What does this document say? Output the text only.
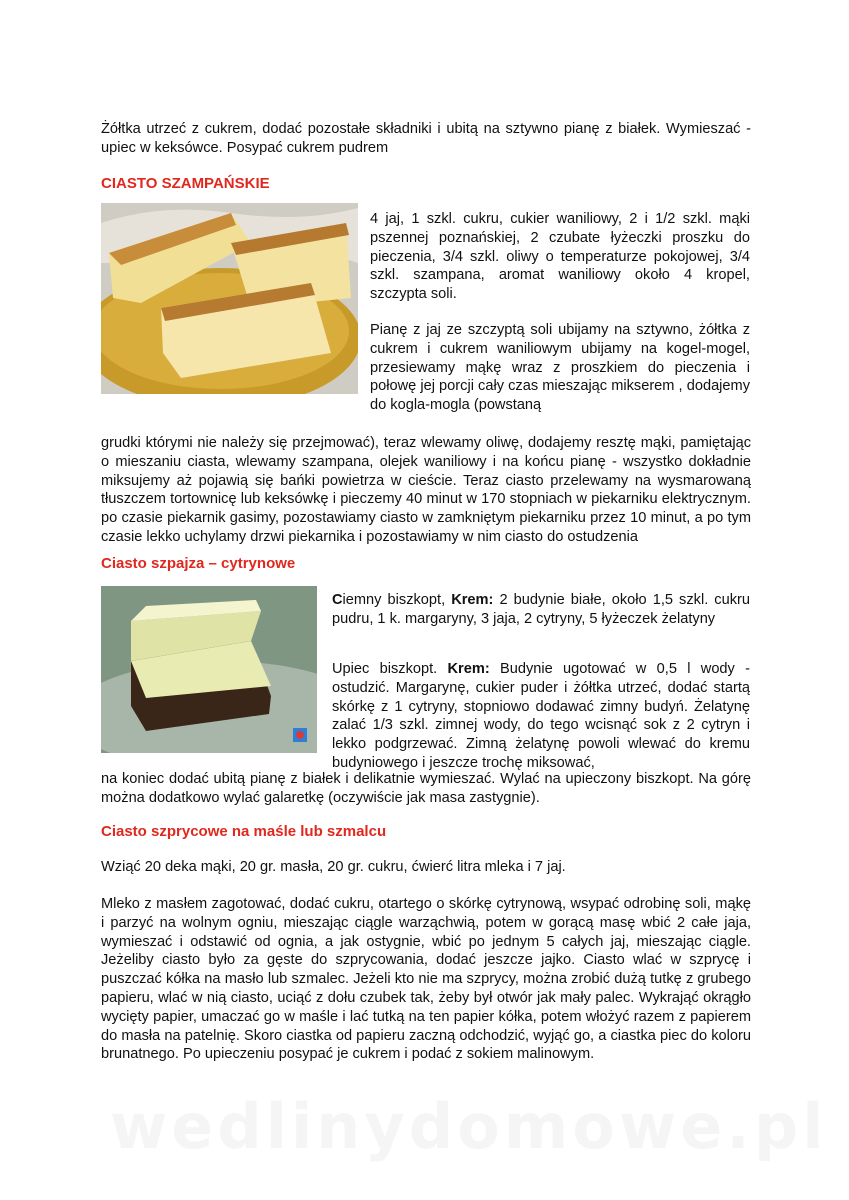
Żółtka utrzeć z cukrem, dodać pozostałe składniki i ubitą na sztywno pianę z białek. Wymieszać - upiec w keksówce. Posypać cukrem pudrem
CIASTO SZAMPAŃSKIE
4 jaj, 1 szkl. cukru, cukier waniliowy, 2 i 1/2 szkl. mąki pszennej poznańskiej, 2 czubate łyżeczki proszku do pieczenia, 3/4 szkl. oliwy o temperaturze pokojowej, 3/4 szkl. szampana, aromat waniliowy około 4 kropel, szczypta soli.
Pianę z jaj ze szczyptą soli ubijamy na sztywno, żółtka z cukrem i cukrem waniliowym ubijamy na kogel-mogel, przesiewamy mąkę wraz z proszkiem do pieczenia i połowę jej porcji cały czas mieszając mikserem , dodajemy do kogla-mogla (powstaną
grudki którymi nie należy się przejmować), teraz wlewamy oliwę, dodajemy resztę mąki, pamiętając o mieszaniu ciasta, wlewamy szampana, olejek waniliowy i na końcu pianę - wszystko dokładnie miksujemy aż pojawią się bańki powietrza w cieście. Teraz ciasto przelewamy na wysmarowaną tłuszczem tortownicę lub keksówkę i pieczemy 40 minut w 170 stopniach w piekarniku elektrycznym. po czasie piekarnik gasimy, pozostawiamy ciasto w zamkniętym piekarniku przez 10 minut, a po tym czasie lekko uchylamy drzwi piekarnika i pozostawiamy w nim ciasto do ostudzenia
Ciasto szpajza – cytrynowe
Ciemny biszkopt, Krem: 2 budynie białe, około 1,5 szkl. cukru pudru, 1 k. margaryny, 3 jaja, 2 cytryny, 5 łyżeczek żelatyny
Upiec biszkopt. Krem: Budynie ugotować w 0,5 l wody - ostudzić. Margarynę, cukier puder i żółtka utrzeć, dodać startą skórkę z 1 cytryny, stopniowo dodawać zimny budyń. Żelatynę zalać 1/3 szkl. zimnej wody, do tego wcisnąć sok z 2 cytryn i lekko podgrzewać. Zimną żelatynę powoli wlewać do kremu budyniowego i jeszcze trochę miksować,
na koniec dodać ubitą pianę z białek i delikatnie wymieszać. Wylać na upieczony biszkopt. Na górę można dodatkowo wylać galaretkę (oczywiście jak masa zastygnie).
Ciasto szprycowe na maśle lub szmalcu
Wziąć 20 deka mąki, 20 gr. masła, 20 gr. cukru, ćwierć litra mleka i 7 jaj.
Mleko z masłem zagotować, dodać cukru, otartego o skórkę cytrynową, wsypać odrobinę soli, mąkę i parzyć na wolnym ogniu, mieszając ciągle warząchwią, potem w gorącą masę wbić 2 całe jaja, wymieszać i odstawić od ognia, a jak ostygnie, wbić po jednym 5 całych jaj, mieszając ciągle. Jeżeliby ciasto było za gęste do szprycowania, dodać jeszcze jajko. Ciasto wlać w szprycę i puszczać kółka na masło lub szmalec. Jeżeli kto nie ma szprycy, można zrobić dużą tutkę z grubego papieru, wlać w nią ciasto, uciąć z dołu czubek tak, żeby był otwór jak mały palec. Wykrająć okrągło wycięty papier, umaczać go w maśle i lać tutką na ten papier kółka, potem włożyć razem z papierem do masła na patelnię. Skoro ciastka od papieru zaczną odchodzić, wyjąć go, a ciastka piec do koloru brunatnego. Po upieczeniu posypać je cukrem i podać z sokiem malinowym.
wedlinydomowe.pl
